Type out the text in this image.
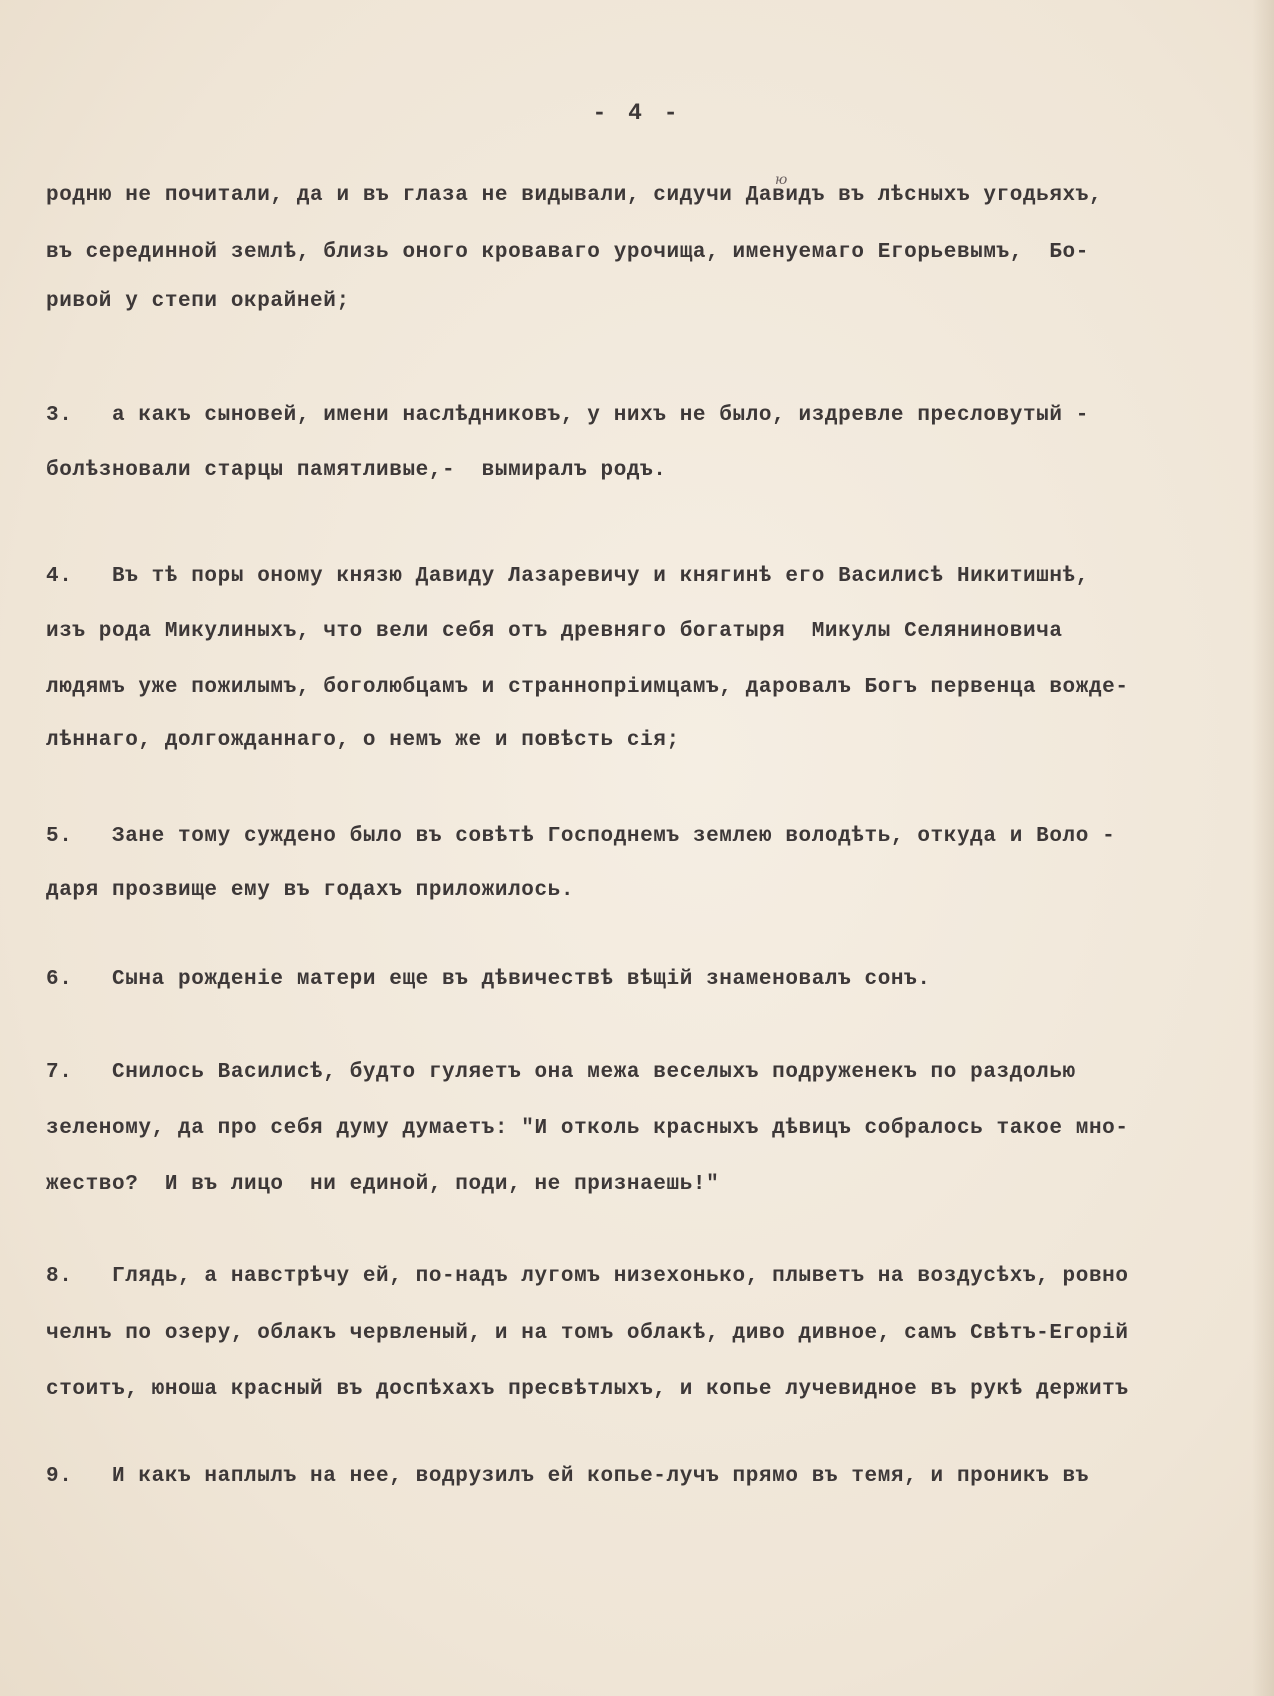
- 4 -
ю
родню не почитали, да и въ глаза не видывали, сидучи Давидъ въ лѣсныхъ угодьяхъ,
въ серединной землѣ, близь оного кроваваго урочища, именуемаго Егорьевымъ,  Бо-
ривой у степи окрайней;
3.   а какъ сыновей, имени наслѣдниковъ, у нихъ не было, издревле пресловутый -
болѣзновали старцы памятливые,-  вымиралъ родъ.
4.   Въ тѣ поры оному князю Давиду Лазаревичу и княгинѣ его Василисѣ Никитишнѣ,
изъ рода Микулиныхъ, что вели себя отъ древняго богатыря  Микулы Селяниновича
людямъ уже пожилымъ, боголюбцамъ и страннопріимцамъ, даровалъ Богъ первенца вожде-
лѣннаго, долгожданнаго, о немъ же и повѣсть сія;
5.   Зане тому суждено было въ совѣтѣ Господнемъ землею володѣть, откуда и Воло -
даря прозвище ему въ годахъ приложилось.
6.   Сына рожденіе матери еще въ дѣвичествѣ вѣщій знаменовалъ сонъ.
7.   Снилось Василисѣ, будто гуляетъ она межа веселыхъ подруженекъ по раздолью
зеленому, да про себя думу думаетъ: "И отколь красныхъ дѣвицъ собралось такое мно-
жество?  И въ лицо  ни единой, поди, не признаешь!"
8.   Глядь, а навстрѣчу ей, по-надъ лугомъ низехонько, плыветъ на воздусѣхъ, ровно
челнъ по озеру, облакъ червленый, и на томъ облакѣ, диво дивное, самъ Свѣтъ-Егорій
стоитъ, юноша красный въ доспѣхахъ пресвѣтлыхъ, и копье лучевидное въ рукѣ держитъ
9.   И какъ наплылъ на нее, водрузилъ ей копье-лучъ прямо въ темя, и проникъ въ
